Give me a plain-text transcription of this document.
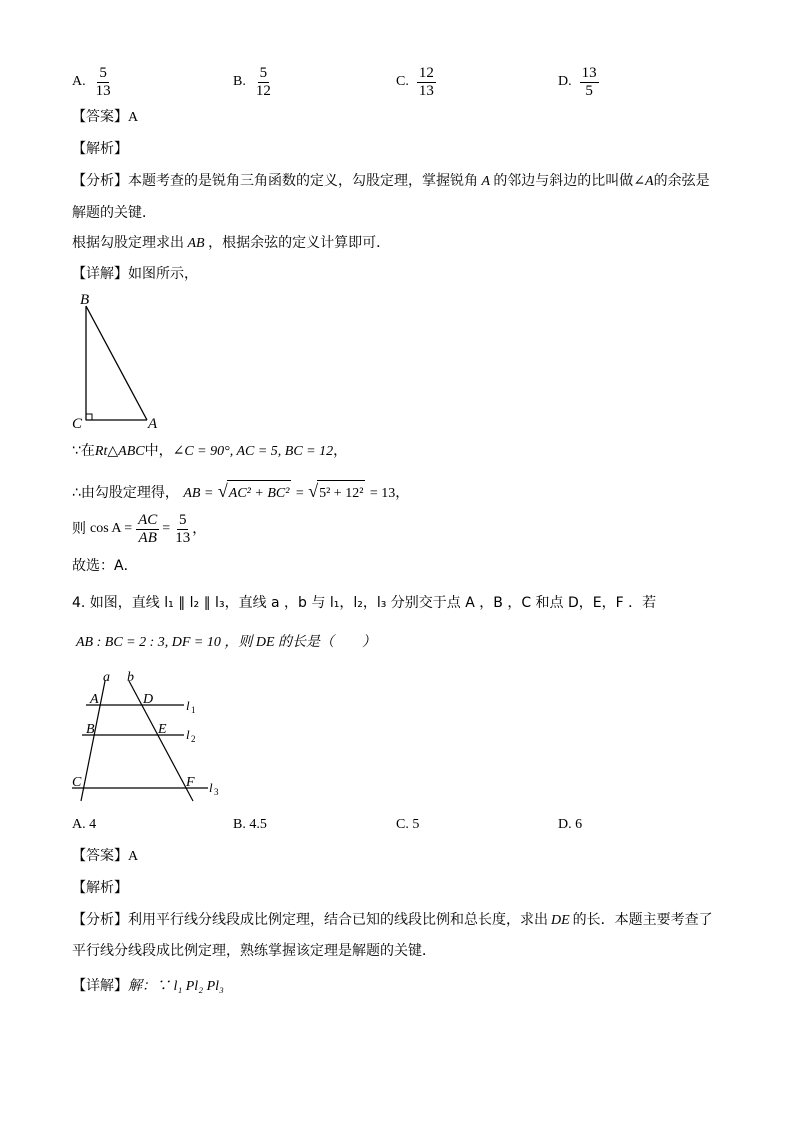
A. $\frac{5}{13}$	B. $\frac{5}{12}$	C. $\frac{12}{13}$	D. $\frac{13}{5}$
【答案】A
【解析】
【分析】本题考查的是锐角三角函数的定义，勾股定理，掌握锐角 A 的邻边与斜边的比叫做∠A的余弦是
解题的关键．
根据勾股定理求出 AB ，根据余弦的定义计算即可．
【详解】如图所示，
B
C	A
∵在Rt△ABC中，∠C = 90°, AC = 5, BC = 12，
∴由勾股定理得， AB = √AC² + BC² = √5² + 12² = 13，
则 $\cos A = \frac{AC}{AB} = \frac{5}{13}$ ，
故选：A．
4. 如图，直线 l₁ ∥ l₂ ∥ l₃，直线 a ，b 与 l₁，l₂，l₃ 分别交于点 A ，B ，C 和点 D，E，F ．若
AB : BC = 2 : 3, DF = 10 ，则 DE 的长是（　　）
a b
A	D
B	E
C	F
l 1
l 2
l 3
A. 4	B. 4.5	C. 5	D. 6
【答案】A
【解析】
【分析】利用平行线分线段成比例定理，结合已知的线段比例和总长度，求出 DE 的长．本题主要考查了
平行线分线段成比例定理，熟练掌握该定理是解题的关键．
【详解】解：∵ l₁ Pl₂ Pl₃
